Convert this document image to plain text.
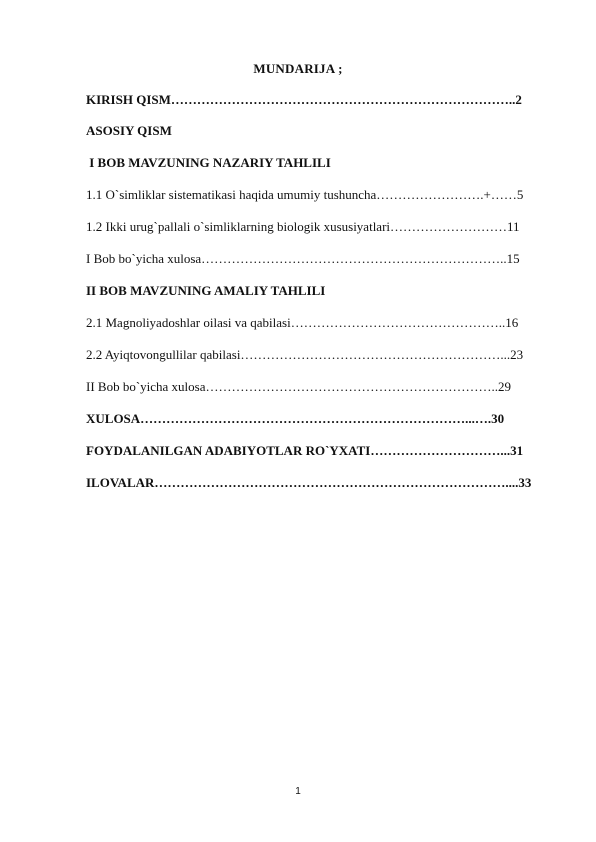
MUNDARIJA ;
KIRISH QISM……………………………………………………………………..2
ASOSIY QISM
I BOB MAVZUNING NAZARIY TAHLILI
1.1 O`simliklar sistematikasi haqida umumiy tushuncha…………………….+……5
1.2 Ikki urug`pallali o`simliklarning biologik xususiyatlari………………………11
I Bob bo`yicha xulosa……………………………………………………………..15
II BOB MAVZUNING AMALIY TAHLILI
2.1 Magnoliyadoshlar oilasi va qabilasi…………………………………………..16
2.2 Ayiqtovongullilar qabilasi……………………………………………………...23
II Bob bo`yicha xulosa…………………………………………………………..29
XULOSA…………………………………………………………………...….30
FOYDALANILGAN ADABIYOTLAR RO`YXATI…………………………...31
ILOVALAR………………………………………………………………………....33
1
